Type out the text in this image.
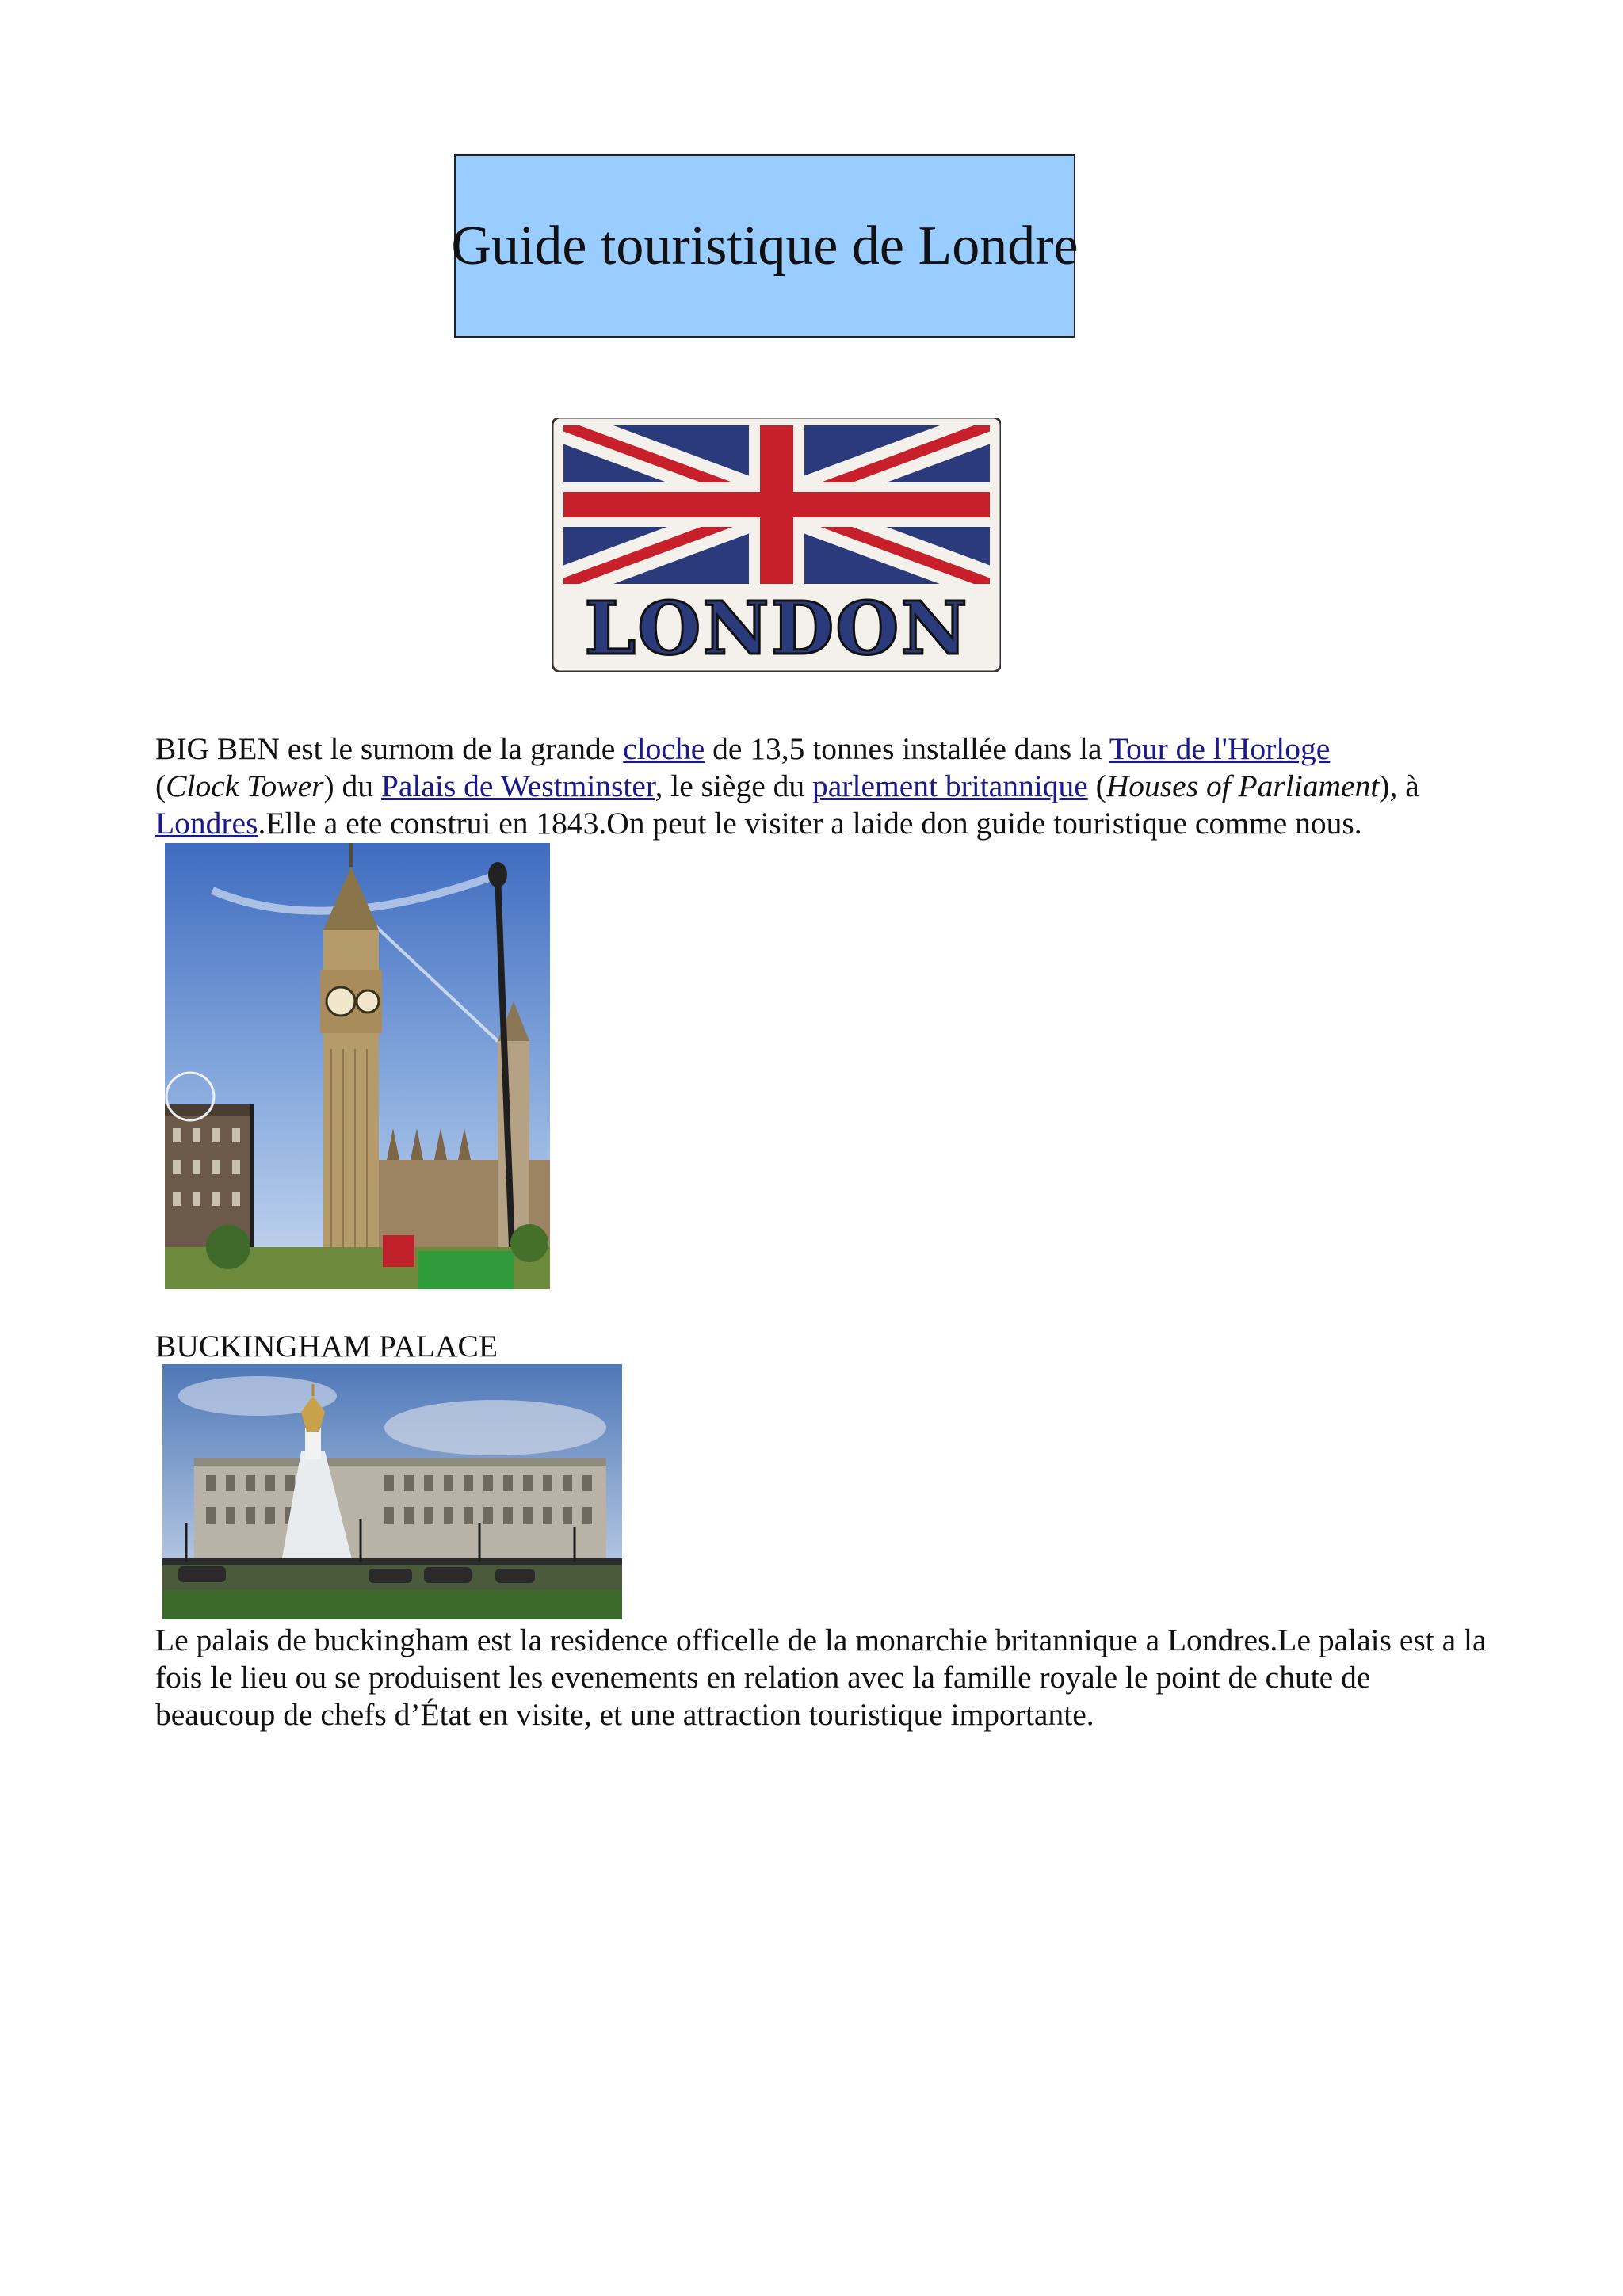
Guide touristique de Londre
LONDON

BIG BEN est le surnom de la grande cloche de 13,5 tonnes installée dans la Tour de l'Horloge
(Clock Tower) du Palais de Westminster, le siège du parlement britannique (Houses of Parliament), à Londres.Elle a ete construi en 1843.On peut le visiter a laide don guide touristique comme nous.

BUCKINGHAM PALACE

Le palais de buckingham est la residence officelle de la monarchie britannique a Londres.Le palais est a la fois le lieu ou se produisent les evenements en relation avec la famille royale le point de chute de beaucoup de chefs d’État en visite, et une attraction touristique importante.
